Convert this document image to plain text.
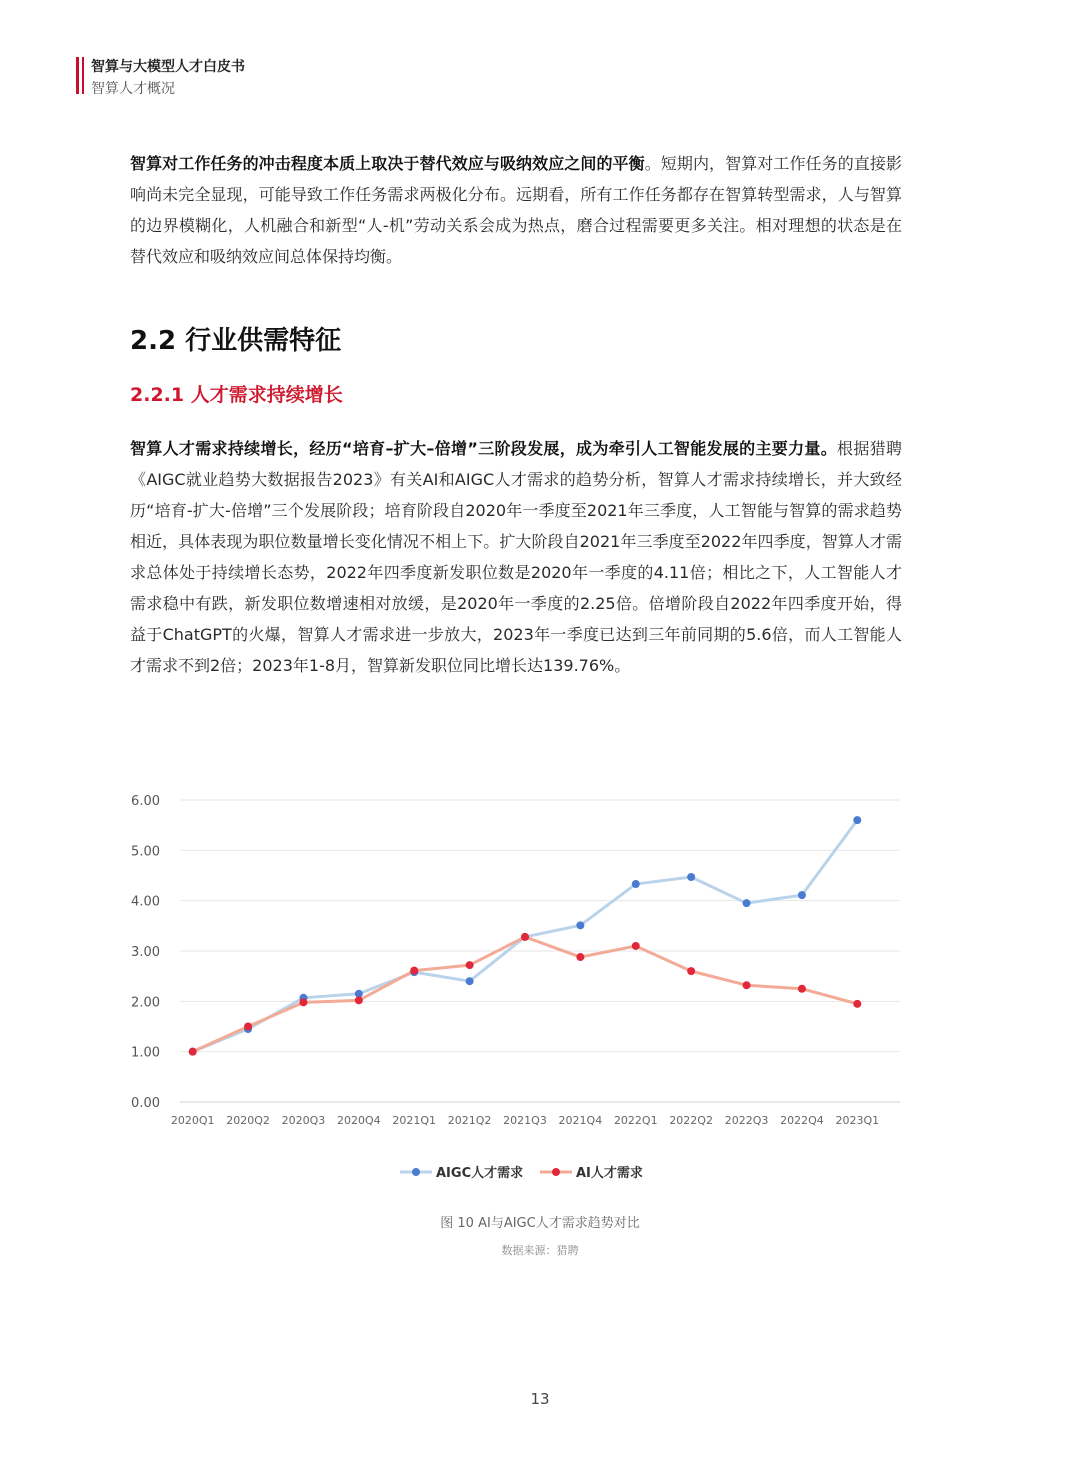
智算与大模型人才白皮书
智算人才概况

智算对工作任务的冲击程度本质上取决于替代效应与吸纳效应之间的平衡。短期内，智算对工作任务的直接影响尚未完全显现，可能导致工作任务需求两极化分布。远期看，所有工作任务都存在智算转型需求，人与智算的边界模糊化，人机融合和新型“人-机”劳动关系会成为热点，磨合过程需要更多关注。相对理想的状态是在替代效应和吸纳效应间总体保持均衡。

2.2 行业供需特征
2.2.1 人才需求持续增长

智算人才需求持续增长，经历“培育–扩大–倍增”三阶段发展，成为牵引人工智能发展的主要力量。根据猎聘《AIGC就业趋势大数据报告2023》有关AI和AIGC人才需求的趋势分析，智算人才需求持续增长，并大致经历“培育-扩大-倍增”三个发展阶段；培育阶段自2020年一季度至2021年三季度，人工智能与智算的需求趋势相近，具体表现为职位数量增长变化情况不相上下。扩大阶段自2021年三季度至2022年四季度，智算人才需求总体处于持续增长态势，2022年四季度新发职位数是2020年一季度的4.11倍；相比之下，人工智能人才需求稳中有跌，新发职位数增速相对放缓，是2020年一季度的2.25倍。倍增阶段自2022年四季度开始，得益于ChatGPT的火爆，智算人才需求进一步放大，2023年一季度已达到三年前同期的5.6倍，而人工智能人才需求不到2倍；2023年1-8月，智算新发职位同比增长达139.76%。

0.00
1.00
2.00
3.00
4.00
5.00
6.00
2020Q1 2020Q2 2020Q3 2020Q4 2021Q1 2021Q2 2021Q3 2021Q4 2022Q1 2022Q2 2022Q3 2022Q4 2023Q1
AIGC人才需求	AI人才需求
图 10 AI与AIGC人才需求趋势对比
数据来源：猎聘
13
